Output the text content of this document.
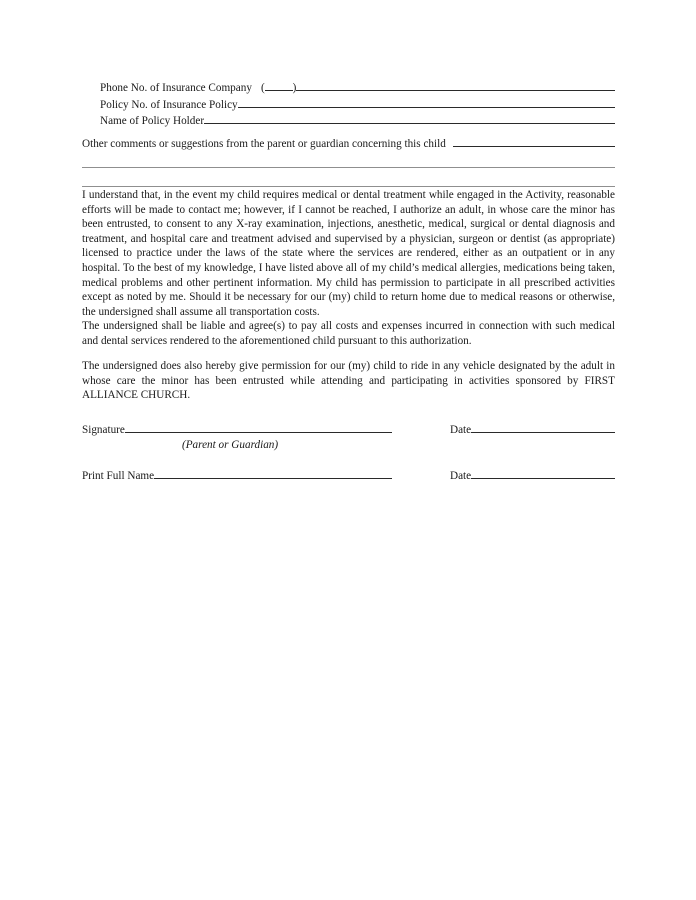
Phone No. of Insurance Company (	)
Policy No. of Insurance Policy
Name of Policy Holder
Other comments or suggestions from the parent or guardian concerning this child
I understand that, in the event my child requires medical or dental treatment while engaged in the Activity, reasonable efforts will be made to contact me; however, if I cannot be reached, I authorize an adult, in whose care the minor has been entrusted, to consent to any X-ray examination, injections, anesthetic, medical, surgical or dental diagnosis and treatment, and hospital care and treatment advised and supervised by a physician, surgeon or dentist (as appropriate) licensed to practice under the laws of the state where the services are rendered, either as an outpatient or in any hospital. To the best of my knowledge, I have listed above all of my child’s medical allergies, medications being taken, medical problems and other pertinent information. My child has permission to participate in all prescribed activities except as noted by me. Should it be necessary for our (my) child to return home due to medical reasons or otherwise, the undersigned shall assume all transportation costs.
The undersigned shall be liable and agree(s) to pay all costs and expenses incurred in connection with such medical and dental services rendered to the aforementioned child pursuant to this authorization.
The undersigned does also hereby give permission for our (my) child to ride in any vehicle designated by the adult in whose care the minor has been entrusted while attending and participating in activities sponsored by FIRST ALLIANCE CHURCH.
Signature	Date
(Parent or Guardian)
Print Full Name	Date
